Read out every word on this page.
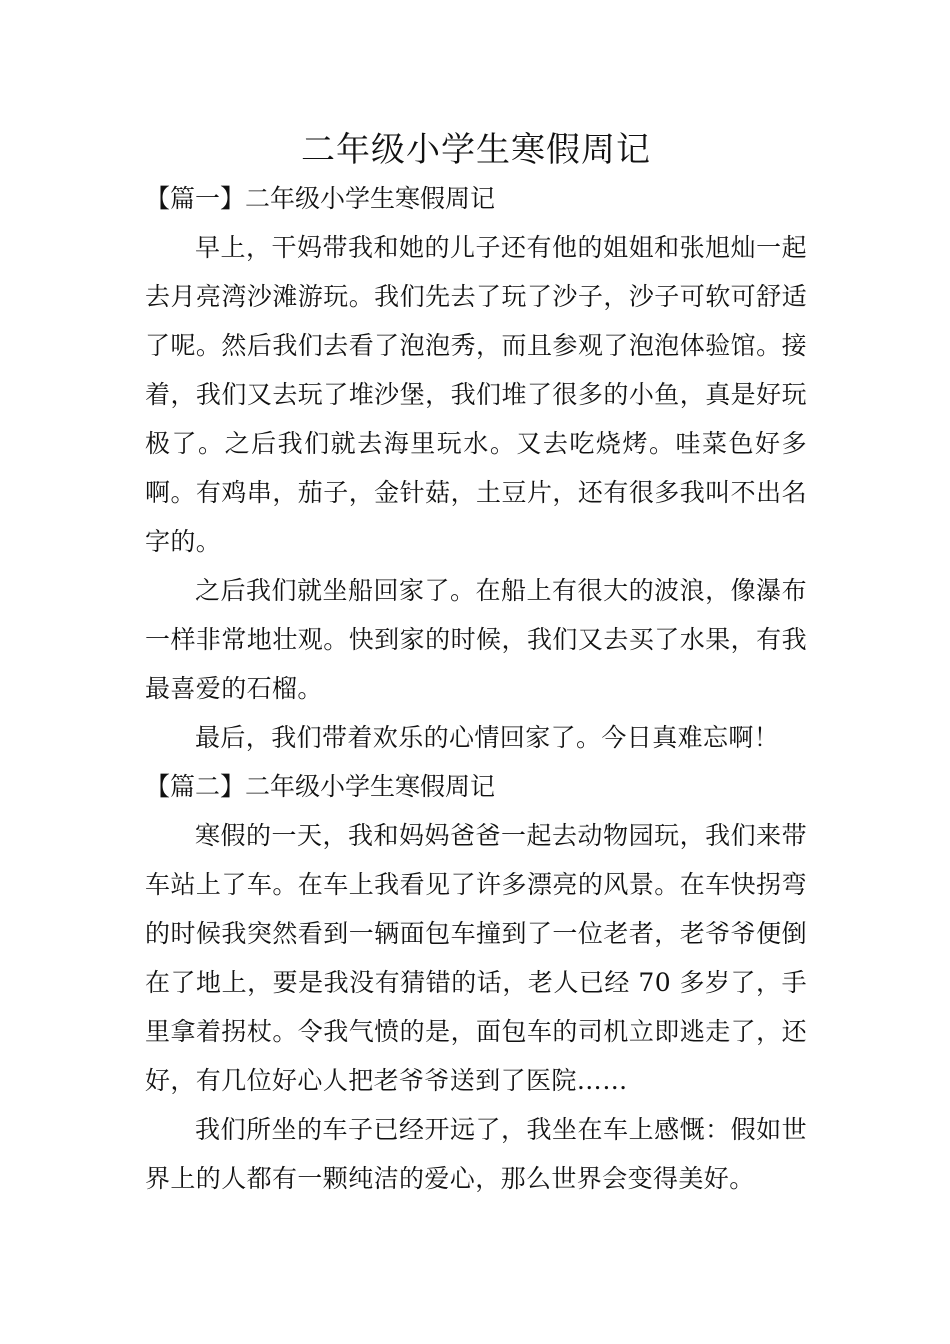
二年级小学生寒假周记

【篇一】二年级小学生寒假周记

早上，干妈带我和她的儿子还有他的姐姐和张旭灿一起去月亮湾沙滩游玩。我们先去了玩了沙子，沙子可软可舒适了呢。然后我们去看了泡泡秀，而且参观了泡泡体验馆。接着，我们又去玩了堆沙堡，我们堆了很多的小鱼，真是好玩极了。之后我们就去海里玩水。又去吃烧烤。哇菜色好多啊。有鸡串，茄子，金针菇，土豆片，还有很多我叫不出名字的。

之后我们就坐船回家了。在船上有很大的波浪，像瀑布一样非常地壮观。快到家的时候，我们又去买了水果，有我最喜爱的石榴。

最后，我们带着欢乐的心情回家了。今日真难忘啊！

【篇二】二年级小学生寒假周记

寒假的一天，我和妈妈爸爸一起去动物园玩，我们来带车站上了车。在车上我看见了许多漂亮的风景。在车快拐弯的时候我突然看到一辆面包车撞到了一位老者，老爷爷便倒在了地上，要是我没有猜错的话，老人已经 70 多岁了，手里拿着拐杖。令我气愤的是，面包车的司机立即逃走了，还好，有几位好心人把老爷爷送到了医院……

我们所坐的车子已经开远了，我坐在车上感慨：假如世界上的人都有一颗纯洁的爱心，那么世界会变得美好。
